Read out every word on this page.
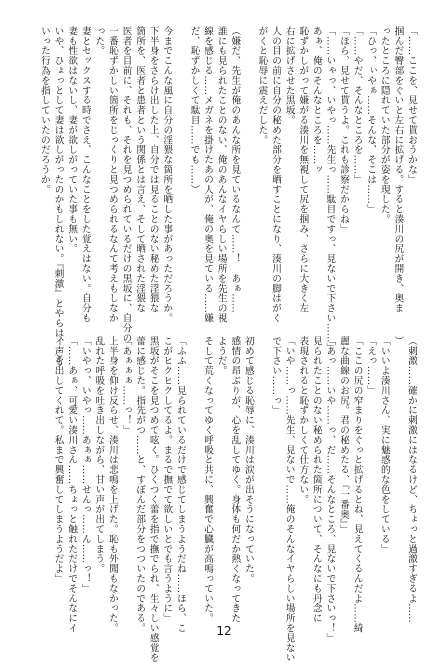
「……ここを、見せて貰おうかな」
掴んだ臀部をぐいと左右に拡げる。すると湊川の尻が開き、奥ま
ったところに隠れていた部分が姿を現した。
「ひっ、ぃやぁ……そんな、そこは……」
「……やだ、そんなところを……」
「ほら、見せて貰うよ。これも診察だからね」
「……いゃっ、いやっ……先生っ……駄目ですっ、見ないで下さい……」
あぁ、俺のそんなところを……ッ
恥ずかしがって嫌がる湊川を無視して尻を掴み、さらに大きく左
右に拡げさせた黒坂。
人の目の前に自分の秘めた部分を晒すことになり、湊川の脚はがく
がくと恥辱に震えだした。

（嫌だ、先生が俺のあんな所を見ているなんて……！　あぁ……
誰にも見られたことのない、俺のあんなイヤらしい場所を先生の視
線を感じる……メガネを掛けたあの人が、俺の奥を見ている……嫌
だ、恥ずかしくて駄目……でも……）

今までこんな風に自分の淫猥な箇所を晒した事があっただろうか。
下半身をさらけ出した上、自分では見ることのない秘めた淫猥な
箇所を、医者と患者という関係とは言え、そして晒された淫猥な
医者を目前に、それも、それを見つめられているだけの黒坂に、自分の
一番恥ずかしい箇所をじっくりと見つめられるなんて考えもしなか
った。
妻とセックスする時でさえ、こんなことをした覚えはない。自分も
妻も性欲はないし、妻が欲しがっていた事も無い。
いや、ひょっとして妻は欲しがったのかもしれない。『刺激』とやらは、こう
いった行為を指していたのだろうか。
（刺激……確かに刺激にはなるけど、ちょっと過激すぎるよ……
）
「いいよ湊川さん、実に魅惑的な色をしている」
「えっ……」
「ここの尻の窄まりをぐっと拡げるとね、見えてくるんだよ……綺
麗な曲線のお尻。君の秘めたる、『一番奥』」
「あっ……いや……っ、だ……そんなところ、見ないで下さいっ！」
見られたことのない秘められた箇所について、そんなにも丹念に
表現されると恥ずかしくて仕方ない。
「いや……っ……先生、見ないで……俺のそんなイヤらしい場所を見ない
で下さい……っ」

初めて感じる恥辱に、湊川は涙が出そうになっていた。
感情の昂ぶりが、心を乱してゆく。身体も何だか熱くなってきた
ようだ。
そして荒くなってゆく呼吸と共に、興奮で心臓が高鳴っていた。

「ふふ……見られているだけで感じてしまうようだね……ほら、こ
こがヒクヒクしてるよ。まるで撫でて欲しいとでも言うように」
黒坂がそこを見つめて呟く。ひくつく蕾を指で撫でられ、生々しい感覚を
蕾に感じた。指先がつ……と、すぼんだ部分をつついたのである。
「あぁぁぁ……っ！」
上半身を仰け反らせ、湊川は悲鳴を上げた。恥も外聞もなかった。
乱れた呼吸を吐き出しながら、甘い声が出てしまう。
「いやっ、いやっ……あぁぁ……せんっ……ん……っ！」
「……あぁ、可愛い湊川さん……ちょっと触れただけでそんなにイ
イ声を出してくれて。私まで興奮してしまうようだよ」
12
